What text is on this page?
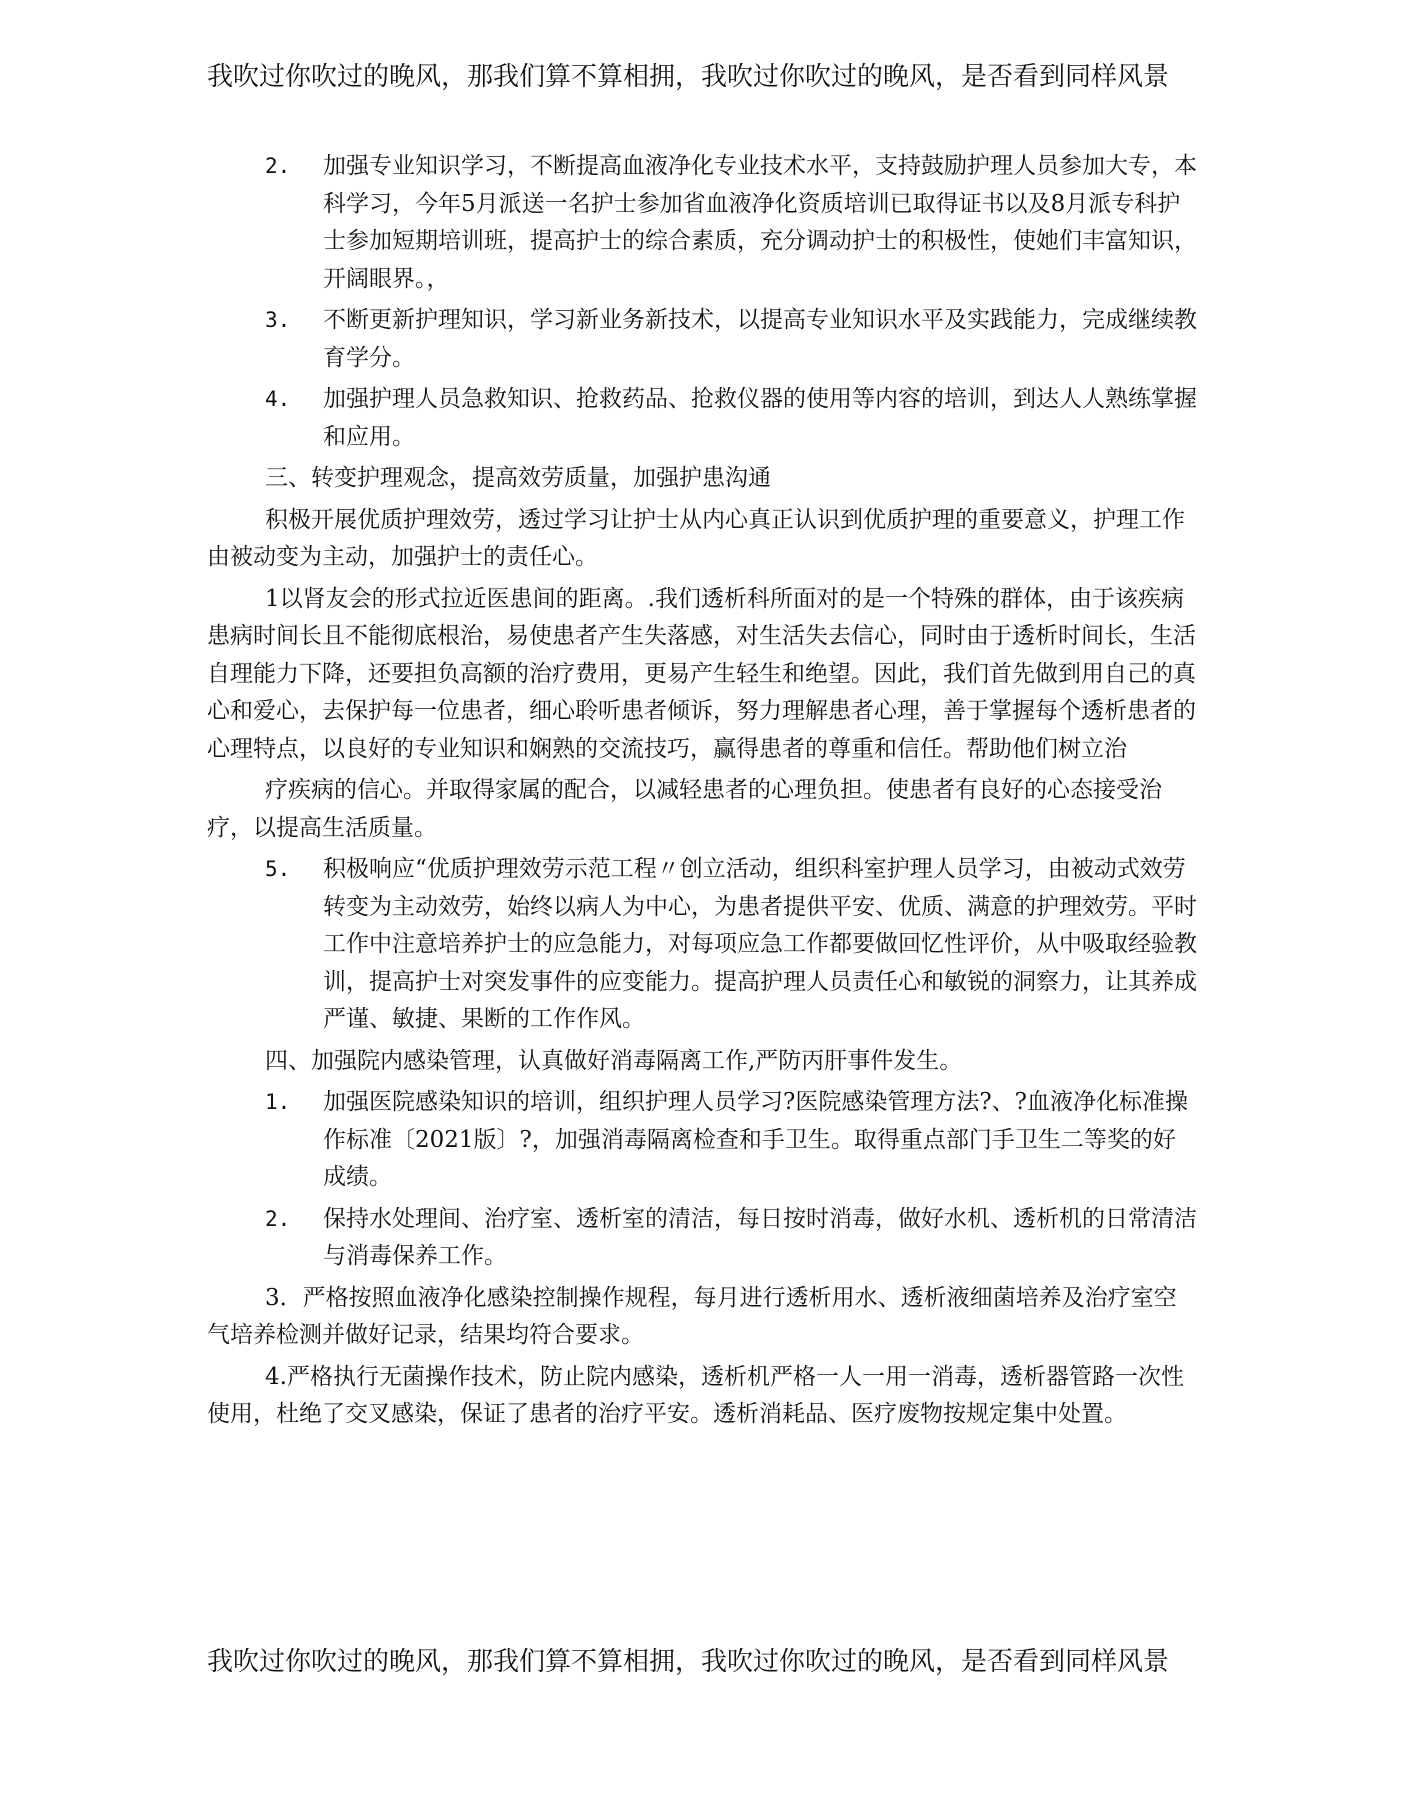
我吹过你吹过的晚风，那我们算不算相拥，我吹过你吹过的晚风，是否看到同样风景
2.	加强专业知识学习，不断提高血液净化专业技术水平，支持鼓励护理人员参加大专，本科学习，今年5月派送一名护士参加省血液净化资质培训已取得证书以及8月派专科护士参加短期培训班，提高护士的综合素质，充分调动护士的积极性，使她们丰富知识，开阔眼界。，
3.	不断更新护理知识，学习新业务新技术，以提高专业知识水平及实践能力，完成继续教育学分。
4.	加强护理人员急救知识、抢救药品、抢救仪器的使用等内容的培训，到达人人熟练掌握和应用。
三、转变护理观念，提高效劳质量，加强护患沟通
积极开展优质护理效劳，透过学习让护士从内心真正认识到优质护理的重要意义，护理工作由被动变为主动，加强护士的责任心。
1以肾友会的形式拉近医患间的距离。.我们透析科所面对的是一个特殊的群体，由于该疾病患病时间长且不能彻底根治，易使患者产生失落感，对生活失去信心，同时由于透析时间长，生活自理能力下降，还要担负高额的治疗费用，更易产生轻生和绝望。因此，我们首先做到用自己的真心和爱心，去保护每一位患者，细心聆听患者倾诉，努力理解患者心理，善于掌握每个透析患者的心理特点，以良好的专业知识和娴熟的交流技巧，赢得患者的尊重和信任。帮助他们树立治
疗疾病的信心。并取得家属的配合，以减轻患者的心理负担。使患者有良好的心态接受治疗，以提高生活质量。
5.	积极响应“优质护理效劳示范工程〃创立活动，组织科室护理人员学习，由被动式效劳转变为主动效劳，始终以病人为中心，为患者提供平安、优质、满意的护理效劳。平时工作中注意培养护士的应急能力，对每项应急工作都要做回忆性评价，从中吸取经验教训，提高护士对突发事件的应变能力。提高护理人员责任心和敏锐的洞察力，让其养成严谨、敏捷、果断的工作作风。
四、加强院内感染管理，认真做好消毒隔离工作,严防丙肝事件发生。
1.	加强医院感染知识的培训，组织护理人员学习?医院感染管理方法?、?血液净化标准操作标准〔2021版〕?，加强消毒隔离检查和手卫生。取得重点部门手卫生二等奖的好成绩。
2.	保持水处理间、治疗室、透析室的清洁，每日按时消毒，做好水机、透析机的日常清洁与消毒保养工作。
3．严格按照血液净化感染控制操作规程，每月进行透析用水、透析液细菌培养及治疗室空气培养检测并做好记录，结果均符合要求。
4.严格执行无菌操作技术，防止院内感染，透析机严格一人一用一消毒，透析器管路一次性使用，杜绝了交叉感染，保证了患者的治疗平安。透析消耗品、医疗废物按规定集中处置。
我吹过你吹过的晚风，那我们算不算相拥，我吹过你吹过的晚风，是否看到同样风景
